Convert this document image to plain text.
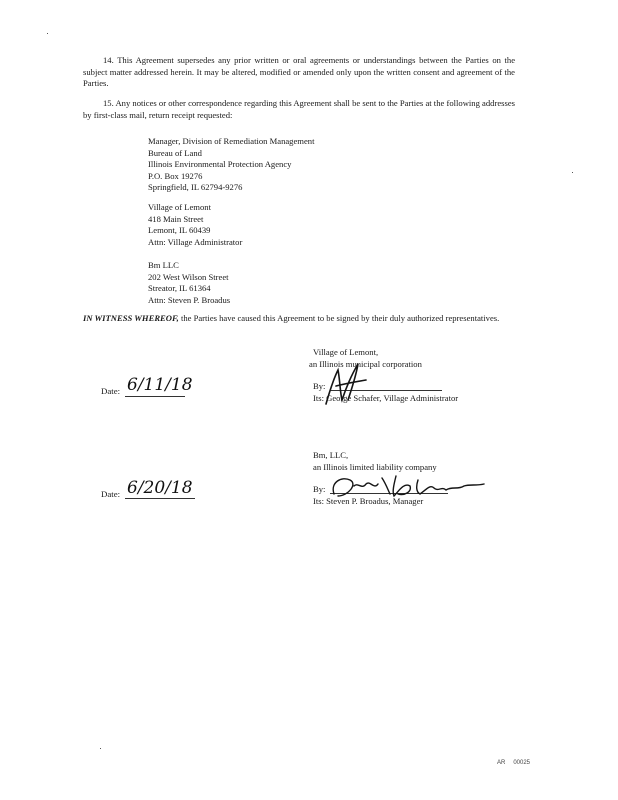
14. This Agreement supersedes any prior written or oral agreements or understandings between the Parties on the subject matter addressed herein. It may be altered, modified or amended only upon the written consent and agreement of the Parties.
15. Any notices or other correspondence regarding this Agreement shall be sent to the Parties at the following addresses by first-class mail, return receipt requested:
Manager, Division of Remediation Management
Bureau of Land
Illinois Environmental Protection Agency
P.O. Box 19276
Springfield, IL 62794-9276
Village of Lemont
418 Main Street
Lemont, IL 60439
Attn: Village Administrator
Bm LLC
202 West Wilson Street
Streator, IL 61364
Attn: Steven P. Broadus
IN WITNESS WHEREOF, the Parties have caused this Agreement to be signed by their duly authorized representatives.
Village of Lemont,
an Illinois municipal corporation
Date: 6/11/18	By:
Its: George Schafer, Village Administrator
Bm, LLC,
an Illinois limited liability company
Date: 6/20/18	By:
Its: Steven P. Broadus, Manager
AR 00025
